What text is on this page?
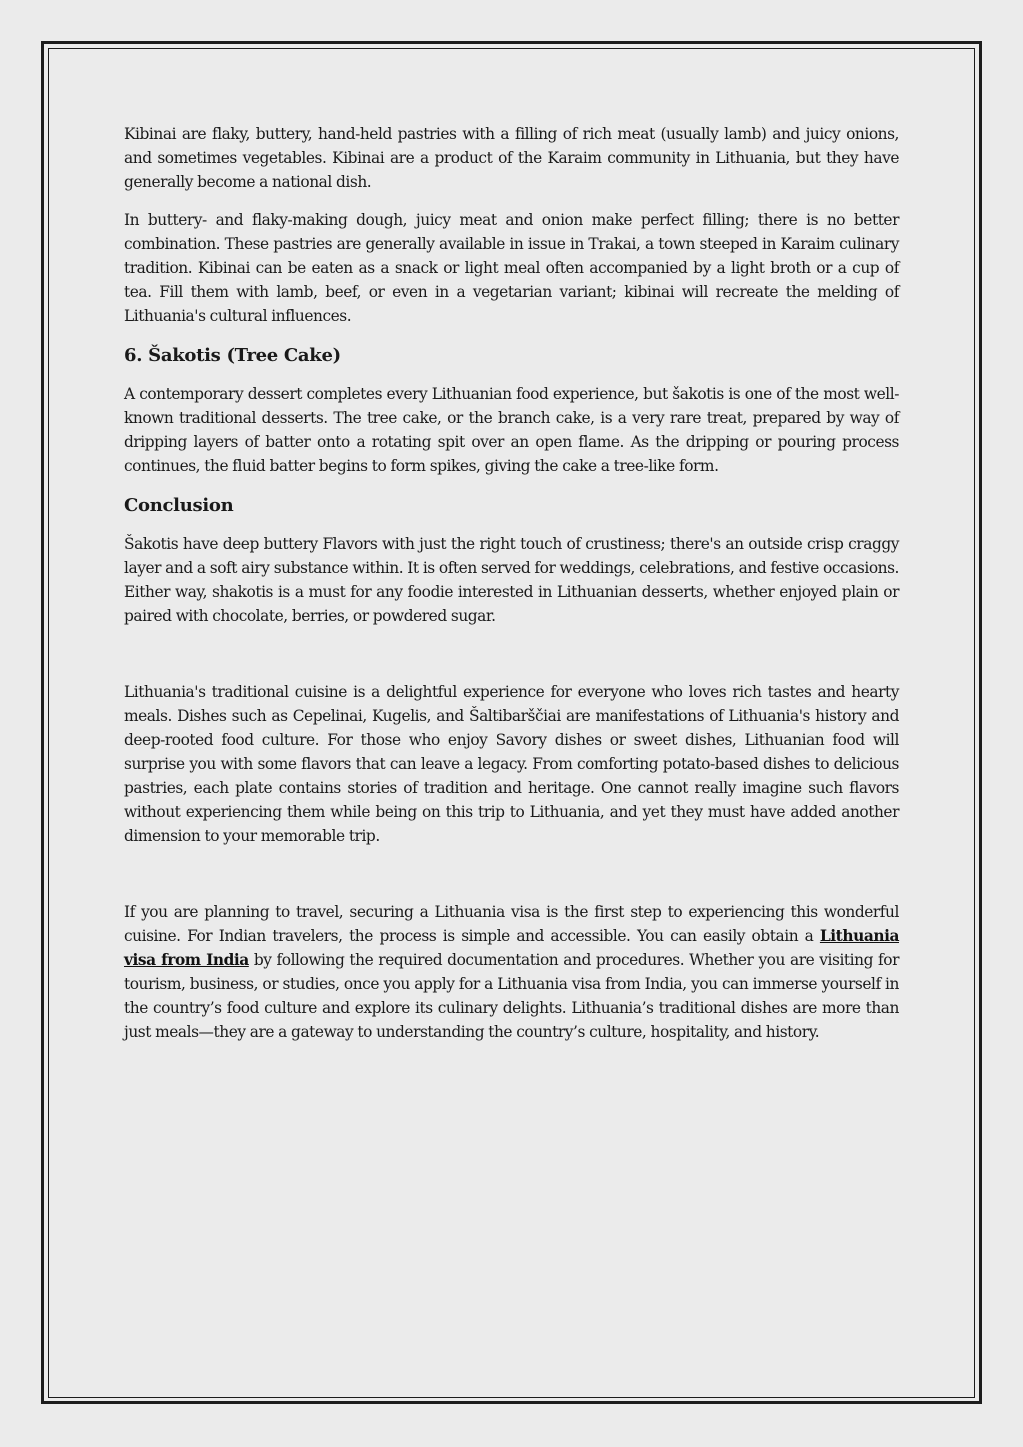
Kibinai are flaky, buttery, hand-held pastries with a filling of rich meat (usually lamb) and juicy onions, and sometimes vegetables. Kibinai are a product of the Karaim community in Lithuania, but they have generally become a national dish.

In buttery- and flaky-making dough, juicy meat and onion make perfect filling; there is no better combination. These pastries are generally available in issue in Trakai, a town steeped in Karaim culinary tradition. Kibinai can be eaten as a snack or light meal often accompanied by a light broth or a cup of tea. Fill them with lamb, beef, or even in a vegetarian variant; kibinai will recreate the melding of Lithuania's cultural influences.

6. Šakotis (Tree Cake)

A contemporary dessert completes every Lithuanian food experience, but šakotis is one of the most well-known traditional desserts. The tree cake, or the branch cake, is a very rare treat, prepared by way of dripping layers of batter onto a rotating spit over an open flame. As the dripping or pouring process continues, the fluid batter begins to form spikes, giving the cake a tree-like form.

Conclusion

Šakotis have deep buttery Flavors with just the right touch of crustiness; there's an outside crisp craggy layer and a soft airy substance within. It is often served for weddings, celebrations, and festive occasions. Either way, shakotis is a must for any foodie interested in Lithuanian desserts, whether enjoyed plain or paired with chocolate, berries, or powdered sugar.

Lithuania's traditional cuisine is a delightful experience for everyone who loves rich tastes and hearty meals. Dishes such as Cepelinai, Kugelis, and Šaltibarščiai are manifestations of Lithuania's history and deep-rooted food culture. For those who enjoy Savory dishes or sweet dishes, Lithuanian food will surprise you with some flavors that can leave a legacy. From comforting potato-based dishes to delicious pastries, each plate contains stories of tradition and heritage. One cannot really imagine such flavors without experiencing them while being on this trip to Lithuania, and yet they must have added another dimension to your memorable trip.

If you are planning to travel, securing a Lithuania visa is the first step to experiencing this wonderful cuisine. For Indian travelers, the process is simple and accessible. You can easily obtain a Lithuania visa from India by following the required documentation and procedures. Whether you are visiting for tourism, business, or studies, once you apply for a Lithuania visa from India, you can immerse yourself in the country’s food culture and explore its culinary delights. Lithuania’s traditional dishes are more than just meals—they are a gateway to understanding the country’s culture, hospitality, and history.
